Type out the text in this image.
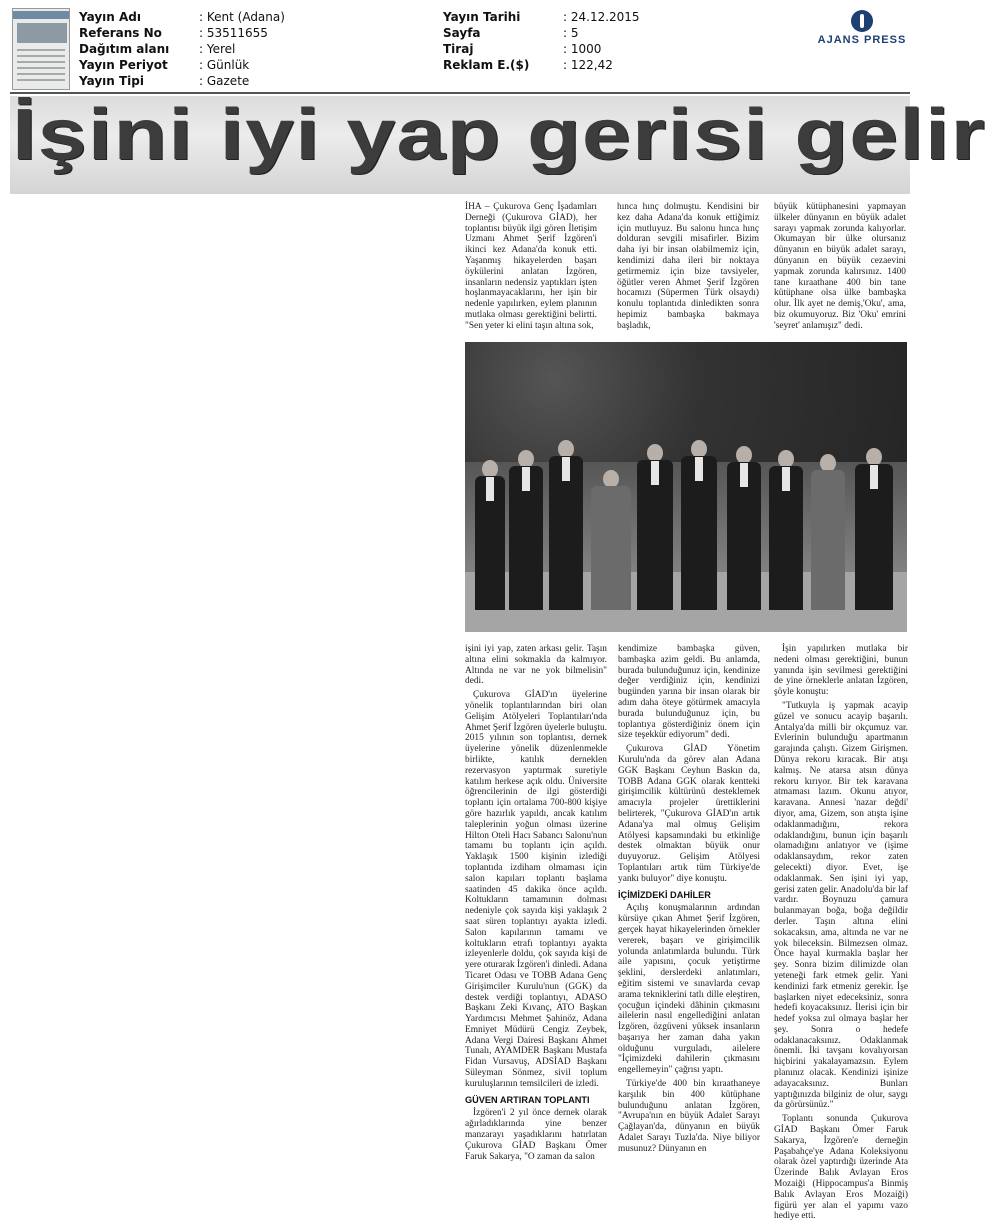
Yayın Adı	: Kent (Adana)
Referans No	: 53511655
Dağıtım alanı	: Yerel
Yayın Periyot	: Günlük
Yayın Tipi	: Gazete
Yayın Tarihi	: 24.12.2015
Sayfa	: 5
Tiraj	: 1000
Reklam E.($)	: 122,42
AJANS PRESS
İşini iyi yap gerisi gelir

İHA – Çukurova Genç İşadamları Derneği (Çukurova GİAD), her toplantısı büyük ilgi gören İletişim Uzmanı Ahmet Şerif İzgören'i ikinci kez Adana'da konuk etti. Yaşanmış hikayelerden başarı öykülerini anlatan İzgören, insanların nedensiz yaptıkları işten hoşlanmayacaklarını, her işin bir nedenle yapılırken, eylem planının mutlaka olması gerektiğini belirtti. "Sen yeter ki elini taşın altına sok,

hınca hınç dolmuştu. Kendisini bir kez daha Adana'da konuk ettiğimiz için mutluyuz. Bu salonu hınca hınç dolduran sevgili misafirler. Bizim daha iyi bir insan olabilmemiz için, kendimizi daha ileri bir noktaya getirmemiz için bize tavsiyeler, öğütler veren Ahmet Şerif İzgören hocamızı (Süpermen Türk olsaydı) konulu toplantıda dinledikten sonra hepimiz bambaşka bakmaya başladık,

büyük kütüphanesini yapmayan ülkeler dünyanın en büyük adalet sarayı yapmak zorunda kalıyorlar. Okumayan bir ülke olursanız dünyanın en büyük adalet sarayı, dünyanın en büyük cezaevini yapmak zorunda kalırsınız. 1400 tane kıraathane 400 bin tane kütüphane olsa ülke bambaşka olur. İlk ayet ne demiş,'Oku', ama, biz okumuyoruz. Biz 'Oku' emrini 'seyret' anlamışız" dedi.

işini iyi yap, zaten arkası gelir. Taşın altına elini sokmakla da kalmıyor. Altında ne var ne yok bilmelisin" dedi.

Çukurova GİAD'ın üyelerine yönelik toplantılarından biri olan Gelişim Atölyeleri Toplantıları'nda Ahmet Şerif İzgören üyelerle buluştu. 2015 yılının son toplantısı, dernek üyelerine yönelik düzenlenmekle birlikte, katılık derneklen rezervasyon yaptırmak suretiyle katılım herkese açık oldu. Üniversite öğrencilerinin de ilgi gösterdiği toplantı için ortalama 700-800 kişiye göre hazırlık yapıldı, ancak katılım taleplerinin yoğun olması üzerine Hilton Oteli Hacı Sabancı Salonu'nun tamamı bu toplantı için açıldı. Yaklaşık 1500 kişinin izlediği toplantıda izdiham olmaması için salon kapıları toplantı başlama saatinden 45 dakika önce açıldı. Koltukların tamamının dolması nedeniyle çok sayıda kişi yaklaşık 2 saat süren toplantıyı ayakta izledi. Salon kapılarının tamamı ve koltukların etrafı toplantıyı ayakta izleyenlerle doldu, çok sayıda kişi de yere oturarak İzgören'i dinledi. Adana Ticaret Odası ve TOBB Adana Genç Girişimciler Kurulu'nun (GGK) da destek verdiği toplantıyı, ADASO Başkanı Zeki Kıvanç, ATO Başkan Yardımcısı Mehmet Şahinöz, Adana Emniyet Müdürü Cengiz Zeybek, Adana Vergi Dairesi Başkanı Ahmet Tunalı, AYAMDER Başkanı Mustafa Fidan Vursavuş, ADSİAD Başkanı Süleyman Sönmez, sivil toplum kuruluşlarının temsilcileri de izledi.

GÜVEN ARTIRAN TOPLANTI

İzgören'i 2 yıl önce dernek olarak ağırladıklarında yine benzer manzarayı yaşadıklarını hatırlatan Çukurova GİAD Başkanı Ömer Faruk Sakarya, "O zaman da salon

kendimize bambaşka güven, bambaşka azim geldi. Bu anlamda, burada bulunduğunuz için, kendinize değer verdiğiniz için, kendinizi bugünden yarına bir insan olarak bir adım daha öteye götürmek amacıyla burada bulunduğunuz için, bu toplantıya gösterdiğiniz önem için size teşekkür ediyorum" dedi.

Çukurova GİAD Yönetim Kurulu'nda da görev alan Adana GGK Başkanı Ceyhun Baskın da, TOBB Adana GGK olarak kentteki girişimcilik kültürünü desteklemek amacıyla projeler ürettiklerini belirterek, "Çukurova GİAD'ın artık Adana'ya mal olmuş Gelişim Atölyesi kapsamındaki bu etkinliğe destek olmaktan büyük onur duyuyoruz. Gelişim Atölyesi Toplantıları artık tüm Türkiye'de yankı buluyor" diye konuştu.

İÇİMİZDEKİ DAHİLER

Açılış konuşmalarının ardından kürsüye çıkan Ahmet Şerif İzgören, gerçek hayat hikayelerinden örnekler vererek, başarı ve girişimcilik yolunda anlatımlarda bulundu. Türk aile yapısını, çocuk yetiştirme şeklini, derslerdeki anlatımları, eğitim sistemi ve sınavlarda cevap arama tekniklerini tatlı dille eleştiren, çocuğun içindeki dâhinin çıkmasını ailelerin nasıl engellediğini anlatan İzgören, özgüveni yüksek insanların başarıya her zaman daha yakın olduğunu vurguladı, ailelere "İçimizdeki dahilerin çıkmasını engellemeyin" çağrısı yaptı.

Türkiye'de 400 bin kıraathaneye karşılık bin 400 kütüphane bulunduğunu anlatan İzgören, "Avrupa'nın en büyük Adalet Sarayı Çağlayan'da, dünyanın en büyük Adalet Sarayı Tuzla'da. Niye biliyor musunuz? Dünyanın en

İşin yapılırken mutlaka bir nedeni olması gerektiğini, bunun yanında işin sevilmesi gerektiğini de yine örneklerle anlatan İzgören, şöyle konuştu:

"Tutkuyla iş yapmak acayip güzel ve sonucu acayip başarılı. Antalya'da milli bir okçumuz var. Evlerinin bulunduğu apartmanın garajında çalıştı. Gizem Girişmen. Dünya rekoru kıracak. Bir atışı kalmış. Ne atarsa atsın dünya rekoru kırıyor. Bir tek karavana atmaması lazım. Okunu atıyor, karavana. Annesi 'nazar değdi' diyor, ama, Gizem, son atışta işine odaklanmadığını, rekora odaklandığını, bunun için başarılı olamadığını anlatıyor ve (işime odaklansaydım, rekor zaten gelecekti) diyor. Evet, işe odaklanmak. Sen işini iyi yap, gerisi zaten gelir. Anadolu'da bir laf vardır. Boynuzu çamura bulanmayan boğa, boğa değildir derler. Taşın altına elini sokacaksın, ama, altında ne var ne yok bileceksin. Bilmezsen olmaz. Önce hayal kurmakla başlar her şey. Sonra bizim dilimizde olan yeteneği fark etmek gelir. Yani kendinizi fark etmeniz gerekir. İşe başlarken niyet edeceksiniz, sonra hedefi koyacaksınız. İlerisi için bir hedef yoksa zul olmaya başlar her şey. Sonra o hedefe odaklanacaksınız. Odaklanmak önemli. İki tavşanı kovalıyorsan hiçbirini yakalayamazsın. Eylem planınız olacak. Kendinizi işinize adayacaksınız. Bunları yaptığınızda bilginiz de olur, saygı da görürsünüz."

Toplantı sonunda Çukurova GİAD Başkanı Ömer Faruk Sakarya, İzgören'e derneğin Paşabahçe'ye Adana Koleksiyonu olarak özel yaptırdığı üzerinde Ata Üzerinde Balık Avlayan Eros Mozaiği (Hippocampus'a Binmiş Balık Avlayan Eros Mozaiği) figürü yer alan el yapımı vazo hediye etti.
